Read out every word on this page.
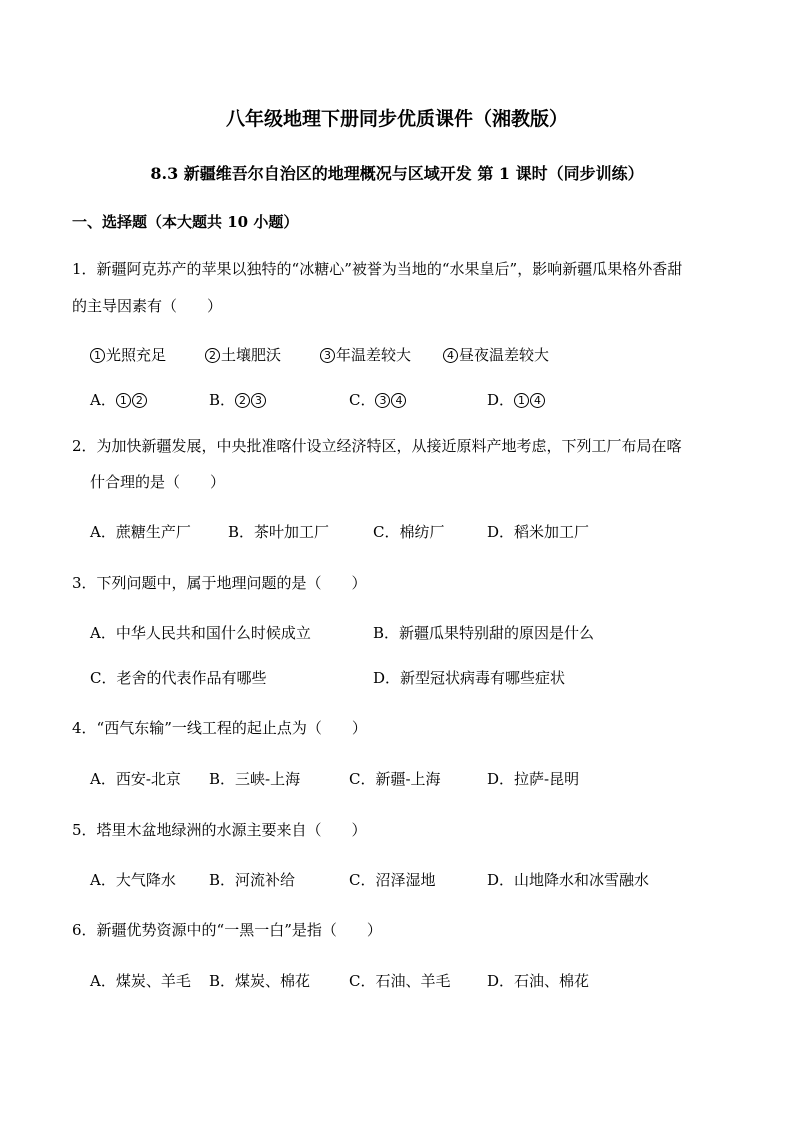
八年级地理下册同步优质课件（湘教版）
8.3 新疆维吾尔自治区的地理概况与区域开发 第 1 课时（同步训练）
一、选择题（本大题共 10 小题）
1．新疆阿克苏产的苹果以独特的“冰糖心”被誉为当地的“水果皇后”，影响新疆瓜果格外香甜
的主导因素有（　　）
1 光照充足	2 土壤肥沃	3 年温差较大	4 昼夜温差较大
A． 1 2	B． 2 3	C． 3 4	D． 1 4
2．为加快新疆发展，中央批准喀什设立经济特区，从接近原料产地考虑，下列工厂布局在喀
什合理的是（　　）
A．蔗糖生产厂 B．茶叶加工厂	C．棉纺厂	D．稻米加工厂
3．下列问题中，属于地理问题的是（　　）
A．中华人民共和国什么时候成立	B．新疆瓜果特别甜的原因是什么
C．老舍的代表作品有哪些	D．新型冠状病毒有哪些症状
4．“西气东输”一线工程的起止点为（　　）
A．西安-北京 B．三峡-上海	C．新疆-上海	D．拉萨-昆明
5．塔里木盆地绿洲的水源主要来自（　　）
A．大气降水 B．河流补给	C．沼泽湿地	D．山地降水和冰雪融水
6．新疆优势资源中的“一黑一白”是指（　　）
A．煤炭、羊毛 B．煤炭、棉花	C．石油、羊毛 D．石油、棉花
